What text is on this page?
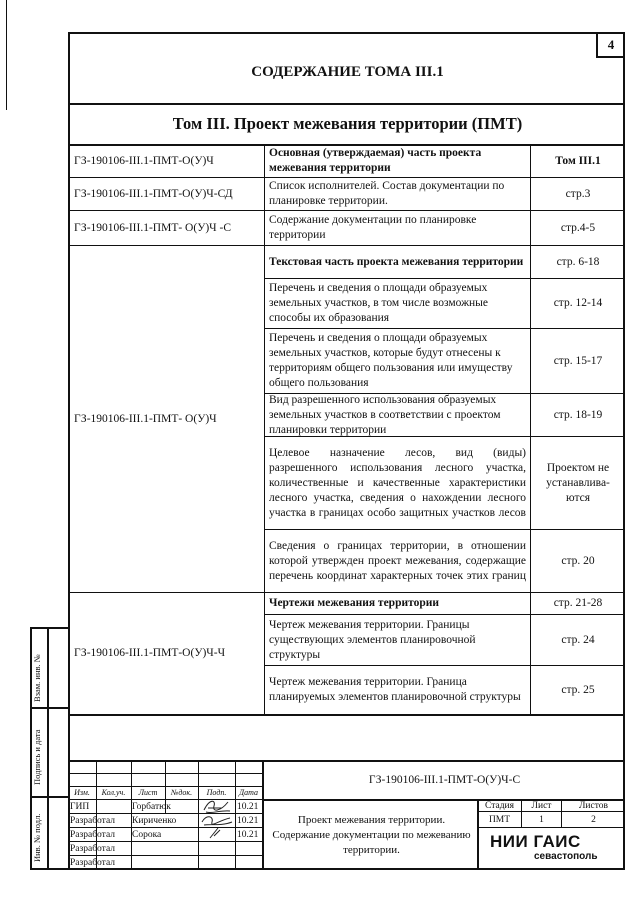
4
СОДЕРЖАНИЕ ТОМА III.1
Том III. Проект межевания территории (ПМТ)
ГЗ-190106-III.1-ПМТ-О(У)Ч
Основная (утверждаемая) часть проекта межевания территории
Том III.1
ГЗ-190106-III.1-ПМТ-О(У)Ч-СД
Список исполнителей. Состав документации по планировке территории.
стр.3
ГЗ-190106-III.1-ПМТ- О(У)Ч -С
Содержание документации по планировке территории
стр.4-5
ГЗ-190106-III.1-ПМТ- О(У)Ч
Текстовая часть проекта межевания территории	стр. 6-18
Перечень и сведения о площади образуемых земельных участков, в том числе возможные способы их образования
стр. 12-14
Перечень и сведения о площади образуемых земельных участков, которые будут отнесены к территориям общего пользования или имуществу общего пользования
стр. 15-17
Вид разрешенного использования образуемых земельных участков в соответствии с проектом планировки территории
стр. 18-19
Целевое назначение лесов, вид (виды) разрешенного использования лесного участка, количественные и качественные характеристики лесного участка, сведения о нахождении лесного участка в границах особо защитных участков лесов
Проектом не устанавлива-ются
Сведения о границах территории, в отношении которой утвержден проект межевания, содержащие перечень координат характерных точек этих границ
стр. 20
ГЗ-190106-III.1-ПМТ-О(У)Ч-Ч
Чертежи межевания территории	стр. 21-28
Чертеж межевания территории. Границы существующих элементов планировочной структуры
стр. 24
Чертеж межевания территории. Граница планируемых элементов планировочной структуры
стр. 25
Взам. инв. №
Подпись и дата
Инв. № подл.
Изм.	Кол.уч.	Лист	№док.	Подп.	Дата
ГИП	Горбатюк	10.21
Разработал	Кириченко	10.21
Разработал	Сорока	10.21
Разработал
Разработал
ГЗ-190106-III.1-ПМТ-О(У)Ч-С
Проект межевания территории. Содержание документации по межеванию территории.
Стадия	Лист	Листов
ПМТ	1	2
НИИ ГАИС
севастополь
